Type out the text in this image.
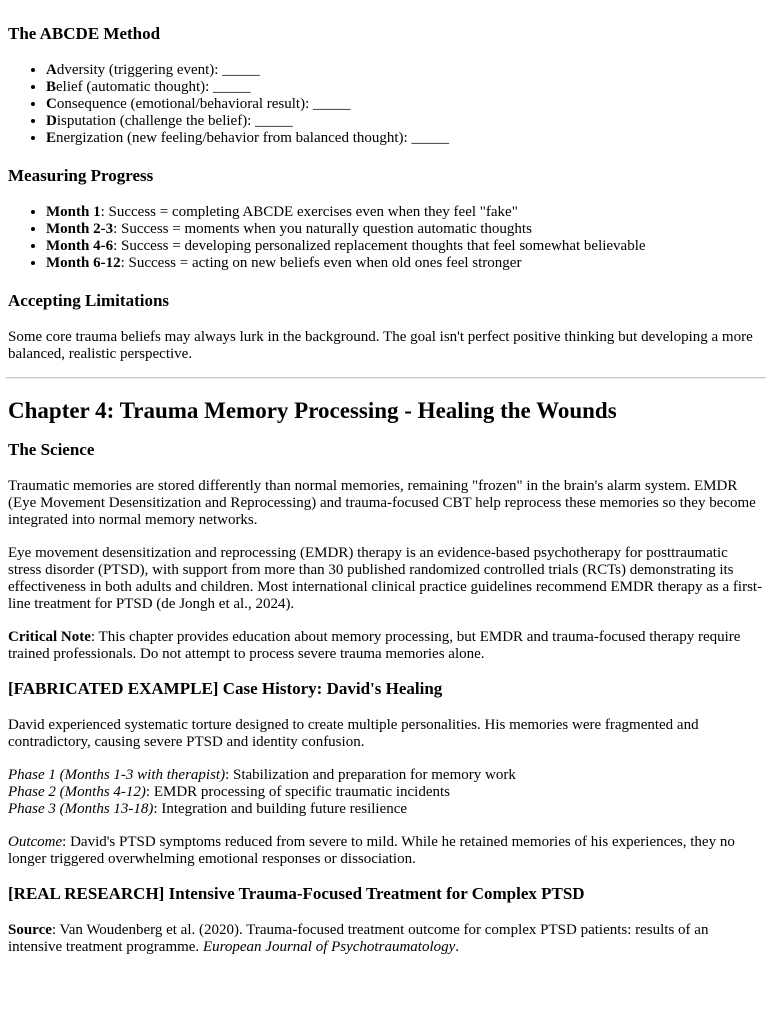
The ABCDE Method
• Adversity (triggering event): _____
• Belief (automatic thought): _____
• Consequence (emotional/behavioral result): _____
• Disputation (challenge the belief): _____
• Energization (new feeling/behavior from balanced thought): _____
Measuring Progress
• Month 1: Success = completing ABCDE exercises even when they feel "fake"
• Month 2-3: Success = moments when you naturally question automatic thoughts
• Month 4-6: Success = developing personalized replacement thoughts that feel somewhat believable
• Month 6-12: Success = acting on new beliefs even when old ones feel stronger
Accepting Limitations

Some core trauma beliefs may always lurk in the background. The goal isn't perfect positive thinking but developing a more balanced, realistic perspective.

Chapter 4: Trauma Memory Processing - Healing the Wounds
The Science

Traumatic memories are stored differently than normal memories, remaining "frozen" in the brain's alarm system. EMDR (Eye Movement Desensitization and Reprocessing) and trauma-focused CBT help reprocess these memories so they become integrated into normal memory networks.

Eye movement desensitization and reprocessing (EMDR) therapy is an evidence-based psychotherapy for posttraumatic stress disorder (PTSD), with support from more than 30 published randomized controlled trials (RCTs) demonstrating its effectiveness in both adults and children. Most international clinical practice guidelines recommend EMDR therapy as a first-line treatment for PTSD (de Jongh et al., 2024).

Critical Note: This chapter provides education about memory processing, but EMDR and trauma-focused therapy require trained professionals. Do not attempt to process severe trauma memories alone.

[FABRICATED EXAMPLE] Case History: David's Healing

David experienced systematic torture designed to create multiple personalities. His memories were fragmented and contradictory, causing severe PTSD and identity confusion.

Phase 1 (Months 1-3 with therapist): Stabilization and preparation for memory work
Phase 2 (Months 4-12): EMDR processing of specific traumatic incidents
Phase 3 (Months 13-18): Integration and building future resilience

Outcome: David's PTSD symptoms reduced from severe to mild. While he retained memories of his experiences, they no longer triggered overwhelming emotional responses or dissociation.

[REAL RESEARCH] Intensive Trauma-Focused Treatment for Complex PTSD

Source: Van Woudenberg et al. (2020). Trauma-focused treatment outcome for complex PTSD patients: results of an intensive treatment programme. European Journal of Psychotraumatology.
